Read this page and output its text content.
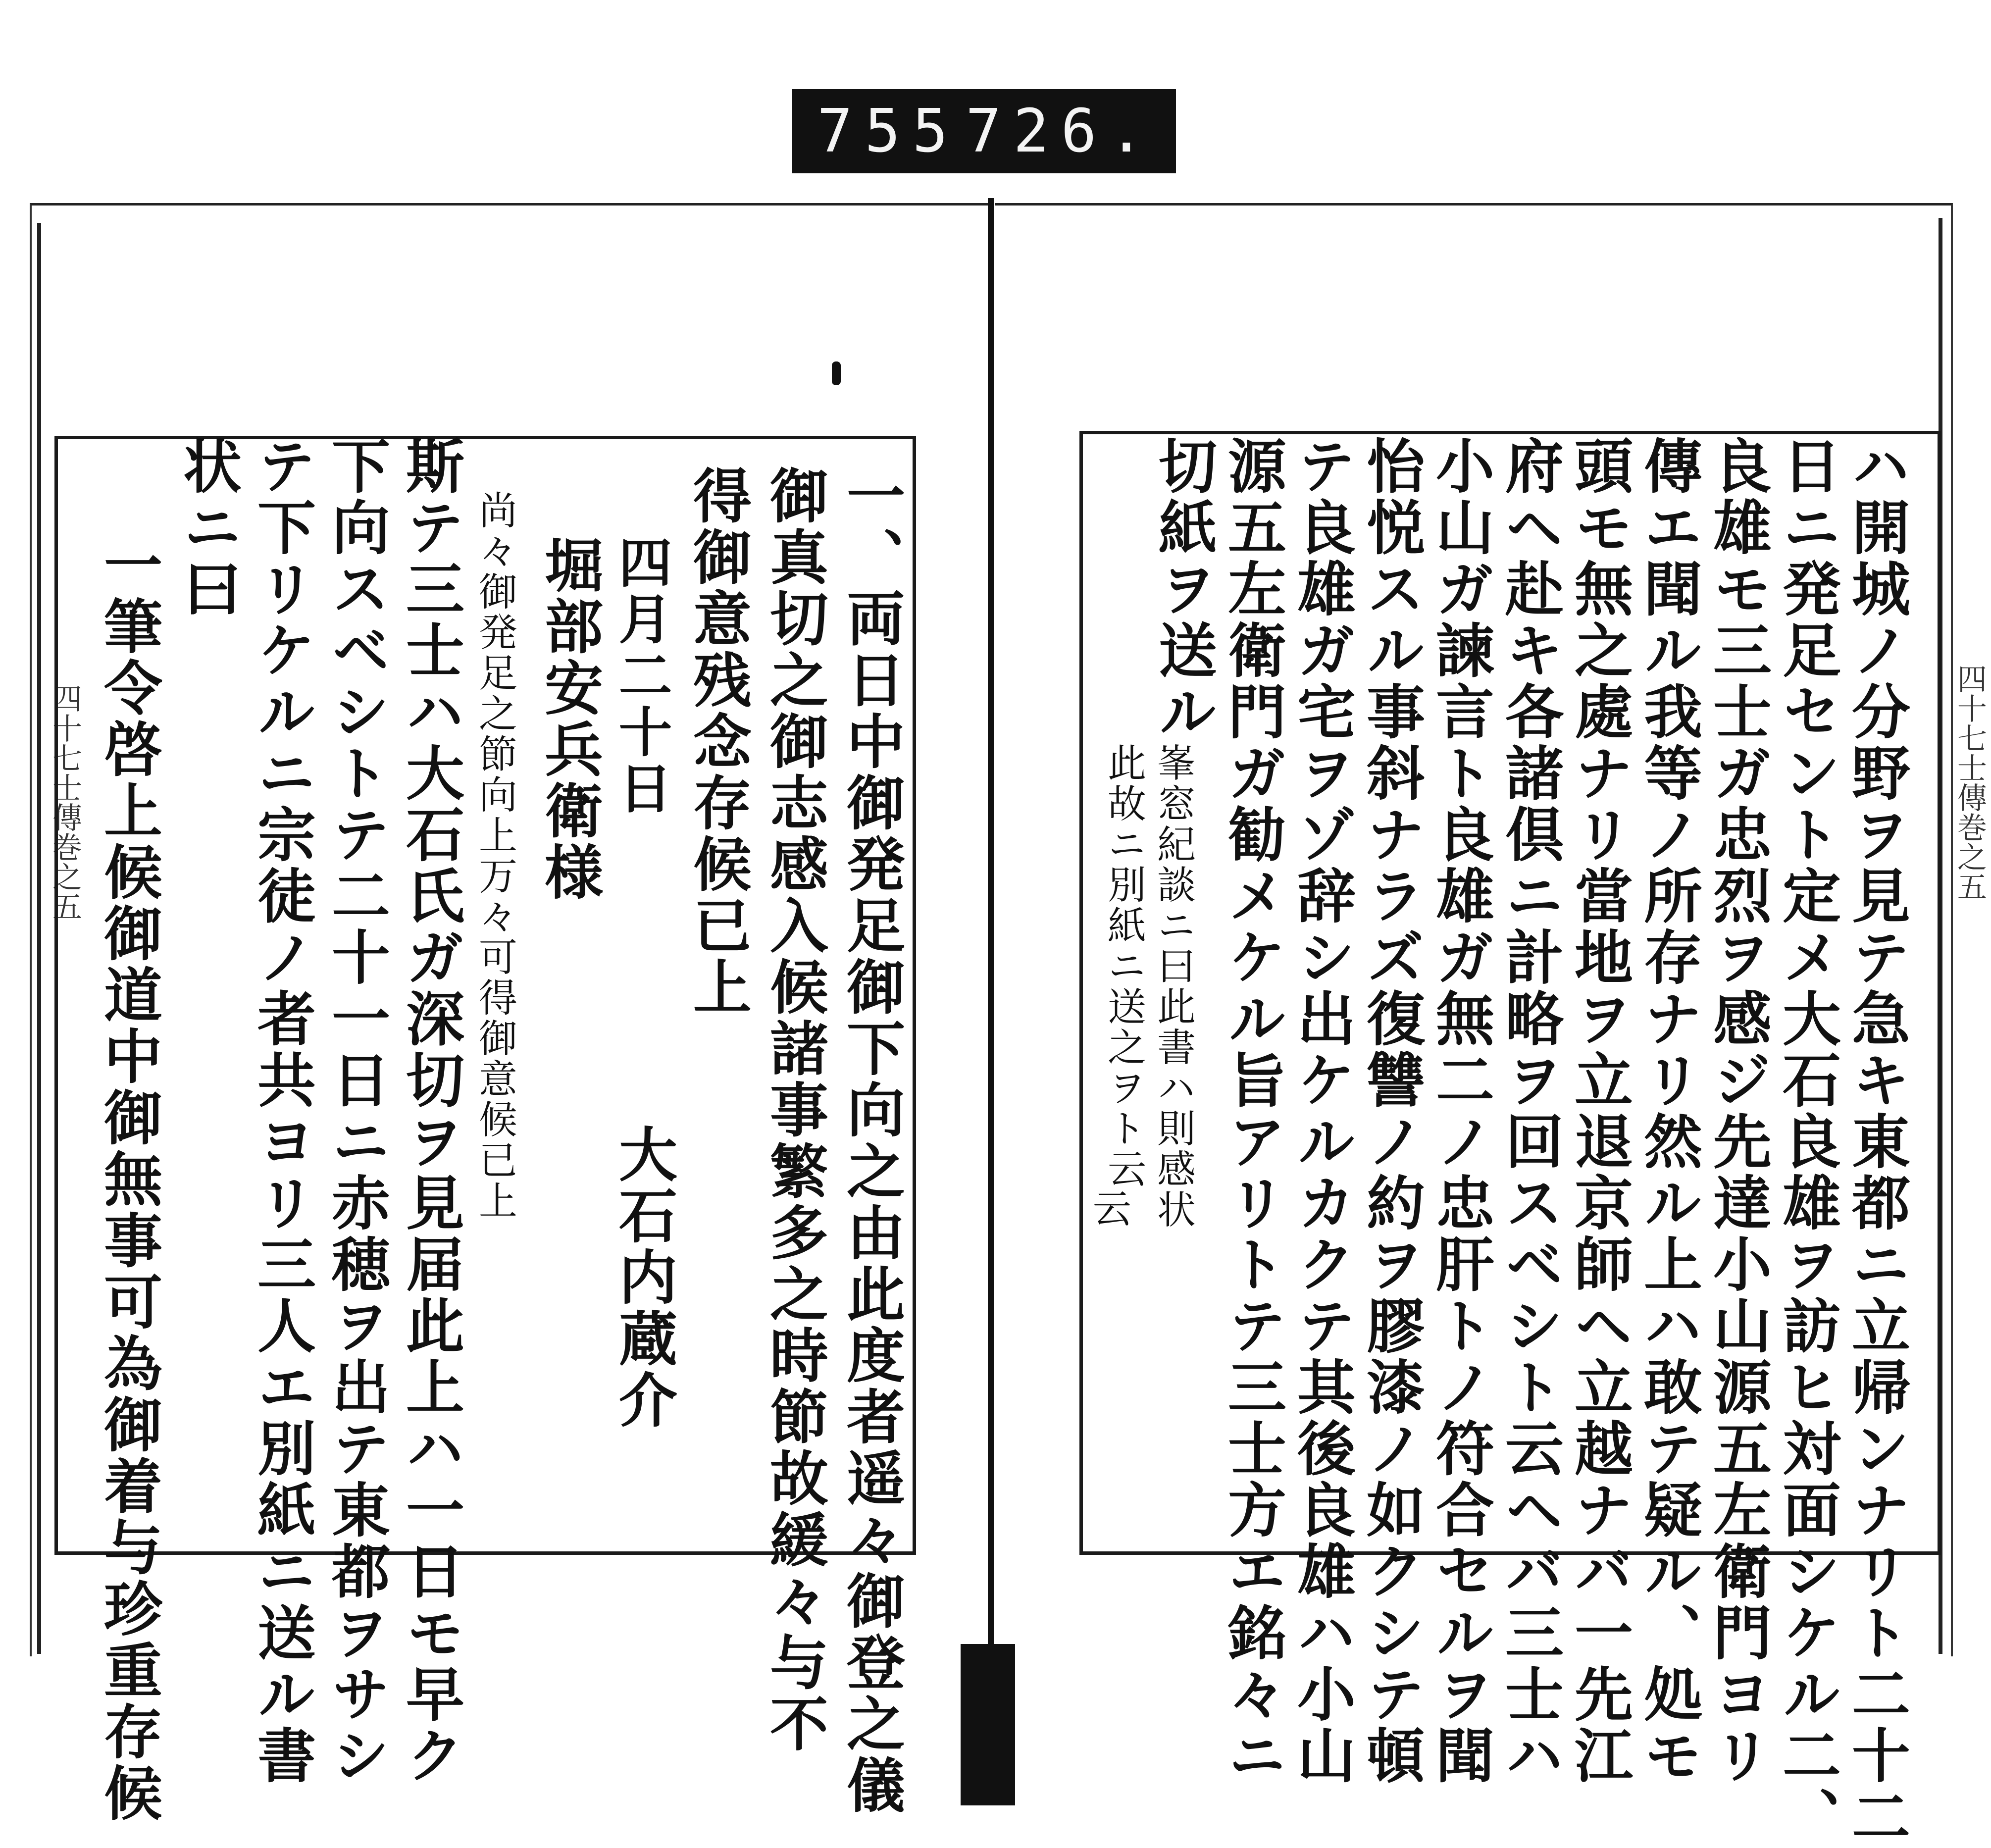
755 726.
四十七士傳巻之五	四十七士傳巻之五
一、両日中御発足御下向之由此度者遥々御登之儀
御真切之御志感入候諸事繁多之時節故緩々与不
得御意残念存候已上
四月二十日
大石内蔵介
堀部安兵衛様
尚々御発足之節向上万々可得御意候已上
斯テ三士ハ大石氏ガ深切ヲ見届此上ハ一日モ早ク
下向スベシトテ二十一日ニ赤穂ヲ出テ東都ヲサシ
テ下リケルニ宗徒ノ者共ヨリ三人エ別紙ニ送ル書
状ニ曰
一筆令啓上候御道中御無事可為御着与珍重存候	ハ開城ノ分野ヲ見テ急キ東都ニ立帰ンナリト二十二
日ニ発足セント定メ大石良雄ヲ訪ヒ対面シケル二、
良雄モ三士ガ忠烈ヲ感ジ先達小山源五左衛門ヨリ
傳エ聞ル我等ノ所存ナリ然ル上ハ敢テ疑ル、処モ
頭モ無之處ナリ當地ヲ立退京師ヘ立越ナバ一先江
府ヘ赴キ各諸倶ニ計略ヲ回スベシト云ヘバ三士ハ
小山ガ諫言ト良雄ガ無二ノ忠肝トノ符合セルヲ聞
怡悦スル事斜ナラズ復讐ノ約ヲ膠漆ノ如クシテ頓
テ良雄ガ宅ヲゾ辞シ出ケルカクテ其後良雄ハ小山
源五左衛門ガ勧メケル旨アリトテ三士方エ銘々ニ
切紙ヲ送ル
此故ニ別紙ニ送之ヲト云 峯窓紀談ニ曰此書ハ則感状
云
